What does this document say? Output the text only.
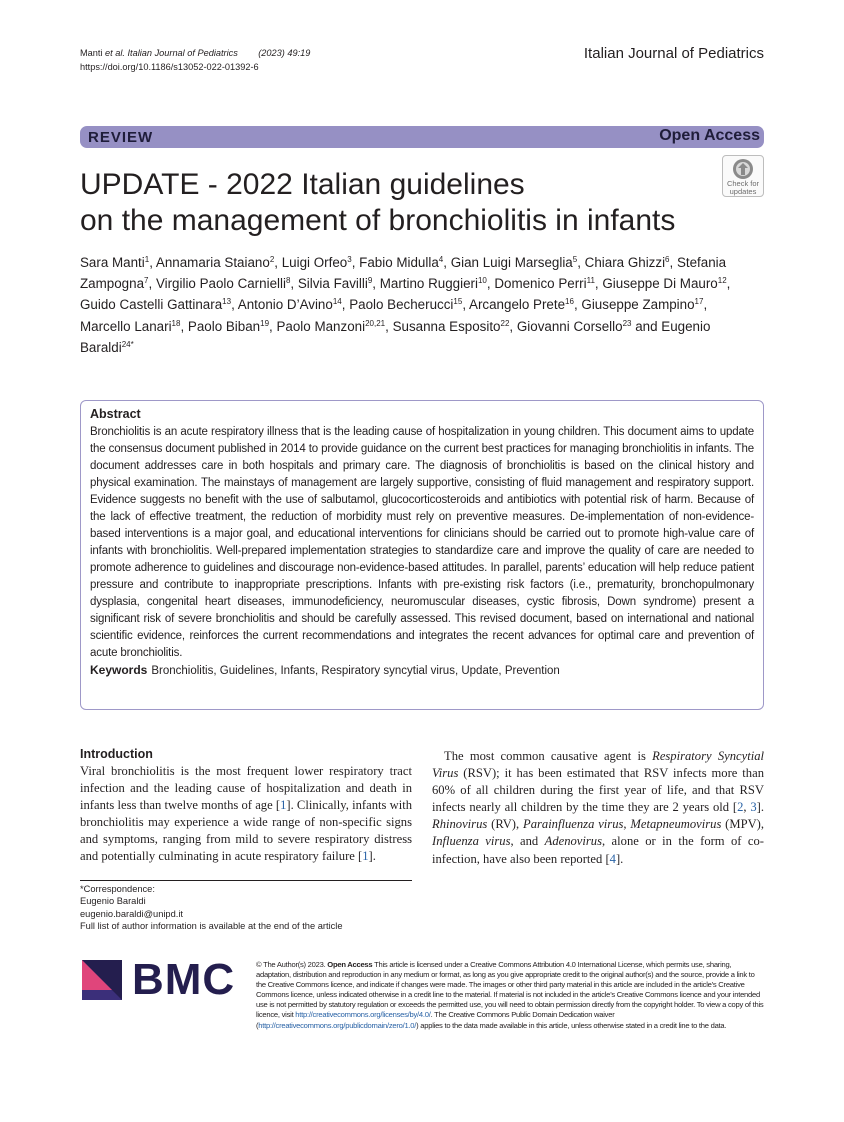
Manti et al. Italian Journal of Pediatrics (2023) 49:19
https://doi.org/10.1186/s13052-022-01392-6
Italian Journal of Pediatrics
REVIEW	Open Access
UPDATE - 2022 Italian guidelines
on the management of bronchiolitis in infants
Check for
updates
Sara Manti$^1$, Annamaria Staiano$^2$, Luigi Orfeo$^3$, Fabio Midulla$^4$, Gian Luigi Marseglia$^5$, Chiara Ghizzi$^6$, Stefania Zampogna$^7$, Virgilio Paolo Carnielli$^8$, Silvia Favilli$^9$, Martino Ruggieri$^{10}$, Domenico Perri$^{11}$, Giuseppe Di Mauro$^{12}$, Guido Castelli Gattinara$^{13}$, Antonio D’Avino$^{14}$, Paolo Becherucci$^{15}$, Arcangelo Prete$^{16}$, Giuseppe Zampino$^{17}$, Marcello Lanari$^{18}$, Paolo Biban$^{19}$, Paolo Manzoni$^{20,21}$, Susanna Esposito$^{22}$, Giovanni Corsello$^{23}$ and Eugenio Baraldi$^{24*}$
Abstract
Bronchiolitis is an acute respiratory illness that is the leading cause of hospitalization in young children. This document aims to update the consensus document published in 2014 to provide guidance on the current best practices for managing bronchiolitis in infants. The document addresses care in both hospitals and primary care. The diagnosis of bronchiolitis is based on the clinical history and physical examination. The mainstays of management are largely supportive, consisting of fluid management and respiratory support. Evidence suggests no benefit with the use of salbutamol, glucocorticosteroids and antibiotics with potential risk of harm. Because of the lack of effective treatment, the reduction of morbidity must rely on preventive measures. De-implementation of non-evidence-based interventions is a major goal, and educational interventions for clinicians should be carried out to promote high-value care of infants with bronchiolitis. Well-prepared implementation strategies to standardize care and improve the quality of care are needed to promote adherence to guidelines and discourage non-evidence-based attitudes. In parallel, parents’ education will help reduce patient pressure and contribute to inappropriate prescriptions. Infants with pre-existing risk factors (i.e., prematurity, bronchopulmonary dysplasia, congenital heart diseases, immunodeficiency, neuromuscular diseases, cystic fibrosis, Down syndrome) present a significant risk of severe bronchiolitis and should be carefully assessed. This revised document, based on international and national scientific evidence, reinforces the current recommendations and integrates the recent advances for optimal care and prevention of acute bronchiolitis.
Keywords Bronchiolitis, Guidelines, Infants, Respiratory syncytial virus, Update, Prevention
Introduction
Viral bronchiolitis is the most frequent lower respiratory tract infection and the leading cause of hospitalization and death in infants less than twelve months of age [1]. Clinically, infants with bronchiolitis may experience a wide range of non-specific signs and symptoms, ranging from mild to severe respiratory distress and potentially culminating in acute respiratory failure [1].
*Correspondence:
Eugenio Baraldi
eugenio.baraldi@unipd.it
Full list of author information is available at the end of the article
The most common causative agent is Respiratory Syncytial Virus (RSV); it has been estimated that RSV infects more than 60% of all children during the first year of life, and that RSV infects nearly all children by the time they are 2 years old [2, 3]. Rhinovirus (RV), Parainfluenza virus, Metapneumovirus (MPV), Influenza virus, and Adenovirus, alone or in the form of co-infection, have also been reported [4].
BMC	© The Author(s) 2023. Open Access This article is licensed under a Creative Commons Attribution 4.0 International License, which permits use, sharing, adaptation, distribution and reproduction in any medium or format, as long as you give appropriate credit to the original author(s) and the source, provide a link to the Creative Commons licence, and indicate if changes were made. The images or other third party material in this article are included in the article’s Creative Commons licence, unless indicated otherwise in a credit line to the material. If material is not included in the article’s Creative Commons licence and your intended use is not permitted by statutory regulation or exceeds the permitted use, you will need to obtain permission directly from the copyright holder. To view a copy of this licence, visit http://creativecommons.org/licenses/by/4.0/. The Creative Commons Public Domain Dedication waiver (http://creativecommons.org/publicdomain/zero/1.0/) applies to the data made available in this article, unless otherwise stated in a credit line to the data.
